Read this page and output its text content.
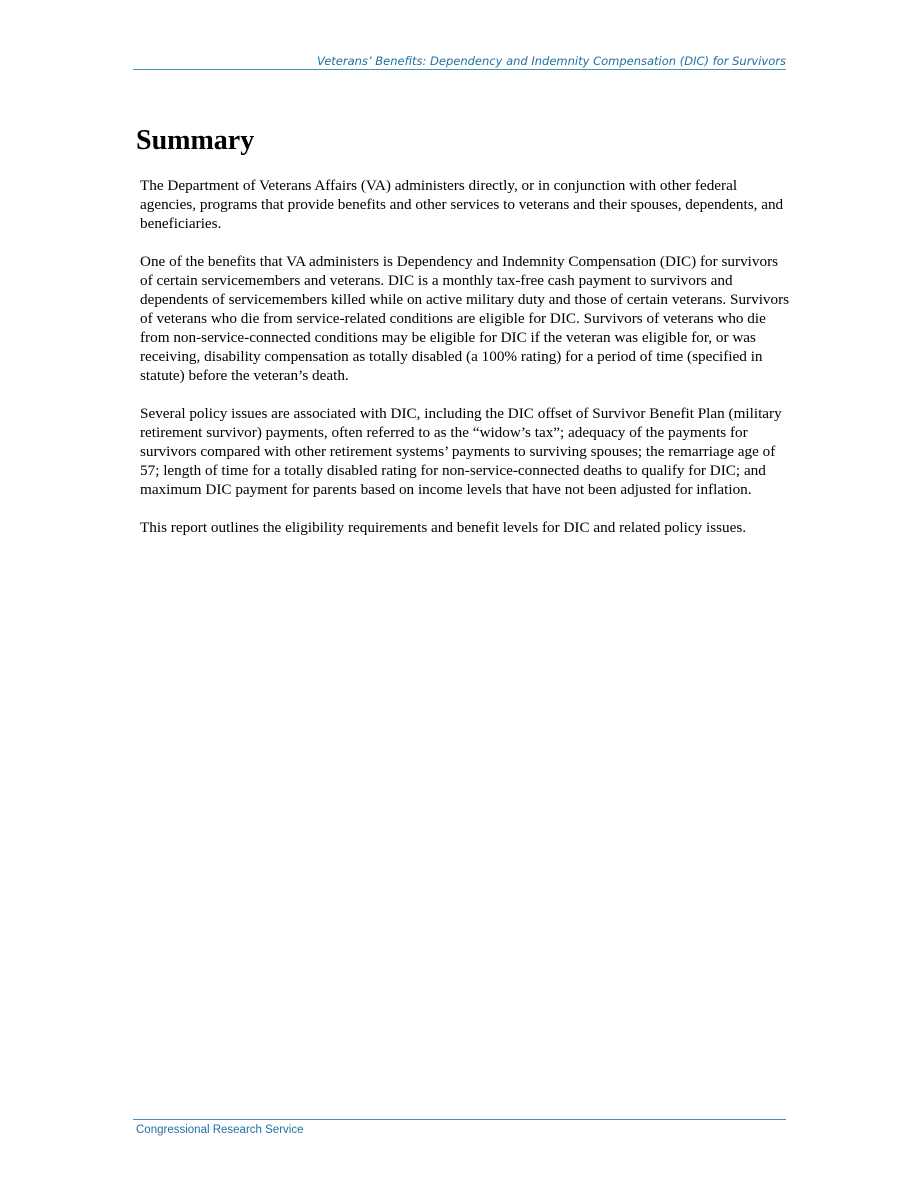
Veterans’ Benefits: Dependency and Indemnity Compensation (DIC) for Survivors
Summary

The Department of Veterans Affairs (VA) administers directly, or in conjunction with other federal agencies, programs that provide benefits and other services to veterans and their spouses, dependents, and beneficiaries.

One of the benefits that VA administers is Dependency and Indemnity Compensation (DIC) for survivors of certain servicemembers and veterans. DIC is a monthly tax-free cash payment to survivors and dependents of servicemembers killed while on active military duty and those of certain veterans. Survivors of veterans who die from service-related conditions are eligible for DIC. Survivors of veterans who die from non-service-connected conditions may be eligible for DIC if the veteran was eligible for, or was receiving, disability compensation as totally disabled (a 100% rating) for a period of time (specified in statute) before the veteran’s death.

Several policy issues are associated with DIC, including the DIC offset of Survivor Benefit Plan (military retirement survivor) payments, often referred to as the “widow’s tax”; adequacy of the payments for survivors compared with other retirement systems’ payments to surviving spouses; the remarriage age of 57; length of time for a totally disabled rating for non-service-connected deaths to qualify for DIC; and maximum DIC payment for parents based on income levels that have not been adjusted for inflation.

This report outlines the eligibility requirements and benefit levels for DIC and related policy issues.

Congressional Research Service
